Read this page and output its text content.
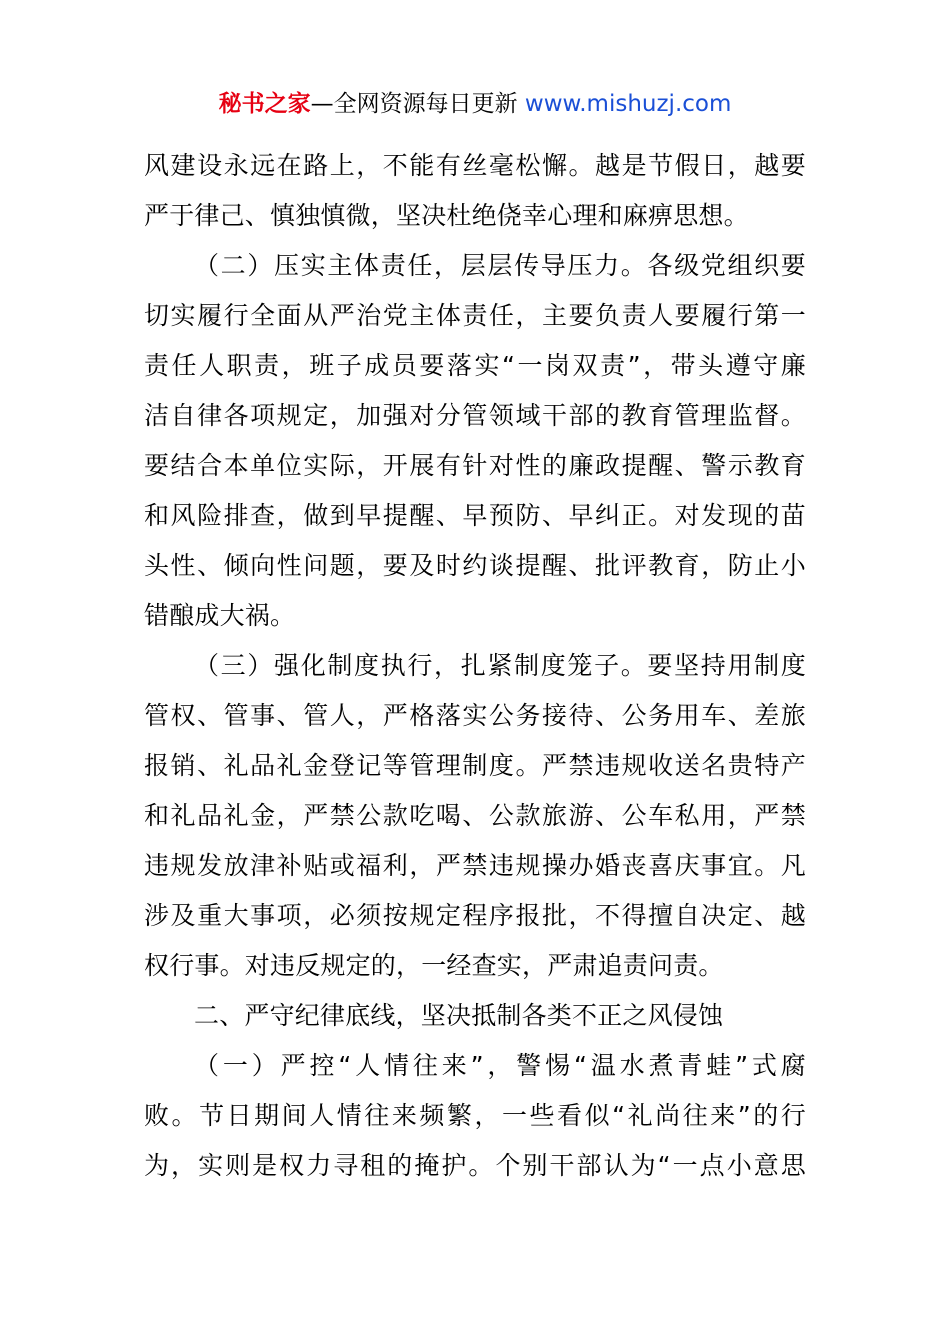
秘书之家—全网资源每日更新 www.mishuzj.com
风建设永远在路上，不能有丝毫松懈。越是节假日，越要
严于律己、慎独慎微，坚决杜绝侥幸心理和麻痹思想。
（二）压实主体责任，层层传导压力。各级党组织要
切实履行全面从严治党主体责任，主要负责人要履行第一
责任人职责，班子成员要落实“一岗双责”，带头遵守廉
洁自律各项规定，加强对分管领域干部的教育管理监督。
要结合本单位实际，开展有针对性的廉政提醒、警示教育
和风险排查，做到早提醒、早预防、早纠正。对发现的苗
头性、倾向性问题，要及时约谈提醒、批评教育，防止小
错酿成大祸。
（三）强化制度执行，扎紧制度笼子。要坚持用制度
管权、管事、管人，严格落实公务接待、公务用车、差旅
报销、礼品礼金登记等管理制度。严禁违规收送名贵特产
和礼品礼金，严禁公款吃喝、公款旅游、公车私用，严禁
违规发放津补贴或福利，严禁违规操办婚丧喜庆事宜。凡
涉及重大事项，必须按规定程序报批，不得擅自决定、越
权行事。对违反规定的，一经查实，严肃追责问责。
二、严守纪律底线，坚决抵制各类不正之风侵蚀
（一）严控“人情往来”，警惕“温水煮青蛙”式腐
败。节日期间人情往来频繁，一些看似“礼尚往来”的行
为，实则是权力寻租的掩护。个别干部认为“一点小意思
